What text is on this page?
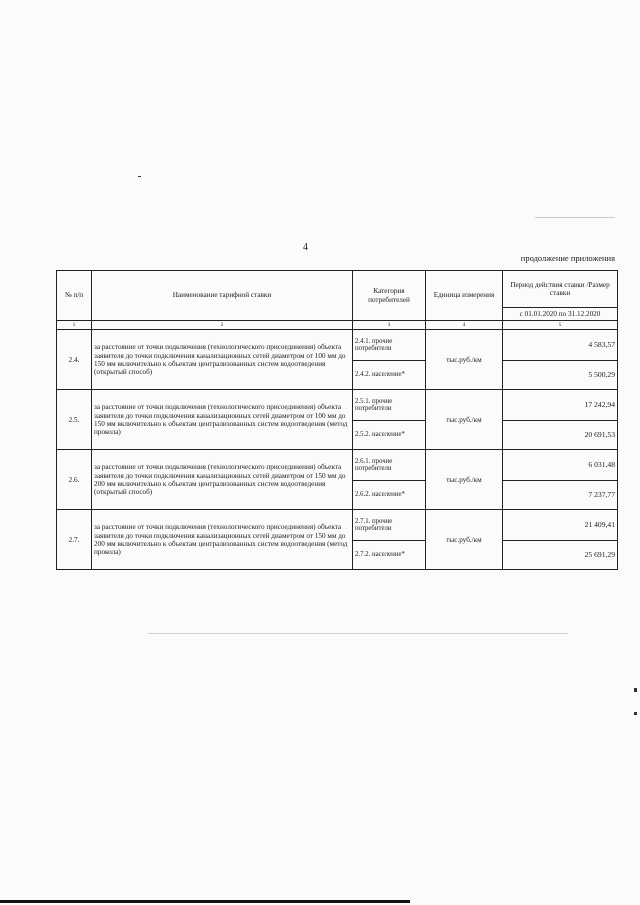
4
продолжение приложения
№ п/п	Наименование тарифной ставки	Категория потребителей	Единица измерения	Период действия ставки /Размер ставки
				с 01.01.2020 по 31.12.2020
1	2	3	4	5
2.4.	за расстояние от точки подключения (технологического присоединения) объекта заявителя до точки подключения канализационных сетей диаметром от 100 мм до 150 мм включительно к объектам централизованных систем водоотведения (открытый способ)	2.4.1. прочие потребители	тыс.руб./км	4 583,57
		2.4.2. население*		5 500,29
2.5.	за расстояние от точки подключения (технологического присоединения) объекта заявителя до точки подключения канализационных сетей диаметром от 100 мм до 150 мм включительно к объектам централизованных систем водоотведения (метод прокола)	2.5.1. прочие потребители	тыс.руб./км	17 242,94
		2.5.2. население*		20 691,53
2.6.	за расстояние от точки подключения (технологического присоединения) объекта заявителя до точки подключения канализационных сетей диаметром от 150 мм до 200 мм включительно к объектам централизованных систем водоотведения (открытый способ)	2.6.1. прочие потребители	тыс.руб./км	6 031,48
		2.6.2. население*		7 237,77
2.7.	за расстояние от точки подключения (технологического присоединения) объекта заявителя до точки подключения канализационных сетей диаметром от 150 мм до 200 мм включительно к объектам централизованных систем водоотведения (метод прокола)	2.7.1. прочие потребители	тыс.руб./км	21 409,41
		2.7.2. население*		25 691,29
